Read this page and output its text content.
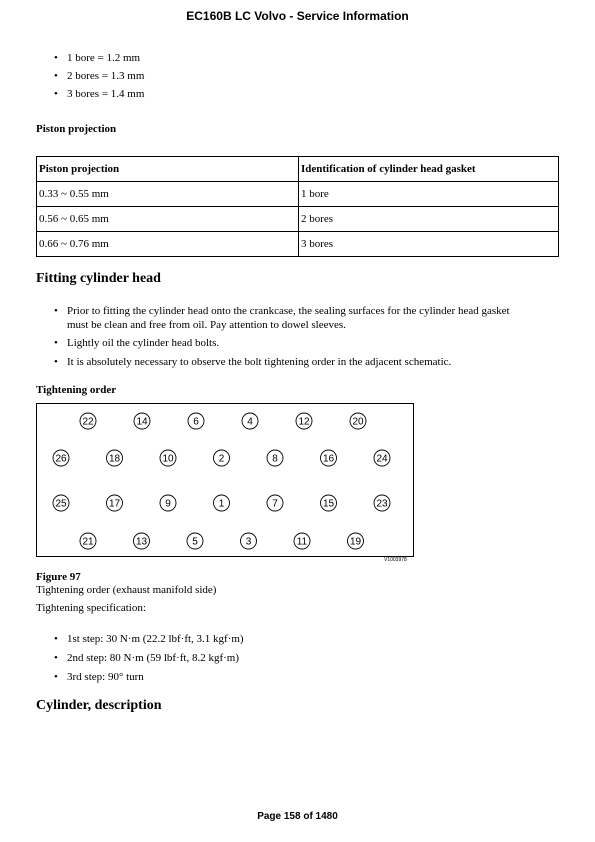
EC160B LC Volvo - Service Information
• 1 bore = 1.2 mm
• 2 bores = 1.3 mm
• 3 bores = 1.4 mm
Piston projection
Piston projection	Identification of cylinder head gasket
0.33 ~ 0.55 mm	1 bore
0.56 ~ 0.65 mm	2 bores
0.66 ~ 0.76 mm	3 bores
Fitting cylinder head
• Prior to fitting the cylinder head onto the crankcase, the sealing surfaces for the cylinder head gasket
must be clean and free from oil. Pay attention to dowel sleeves.
• Lightly oil the cylinder head bolts.
• It is absolutely necessary to observe the bolt tightening order in the adjacent schematic.
Tightening order
22	14	6	4	12	20
26	18	10	2	8	16	24
25	17	9	1	7	15	23
21	13	5	3	11	19
V1003978
Figure 97
Tightening order (exhaust manifold side)
Tightening specification:
• 1st step: 30 N·m (22.2 lbf·ft, 3.1 kgf·m)
• 2nd step: 80 N·m (59 lbf·ft, 8.2 kgf·m)
• 3rd step: 90° turn
Cylinder, description
Page 158 of 1480
